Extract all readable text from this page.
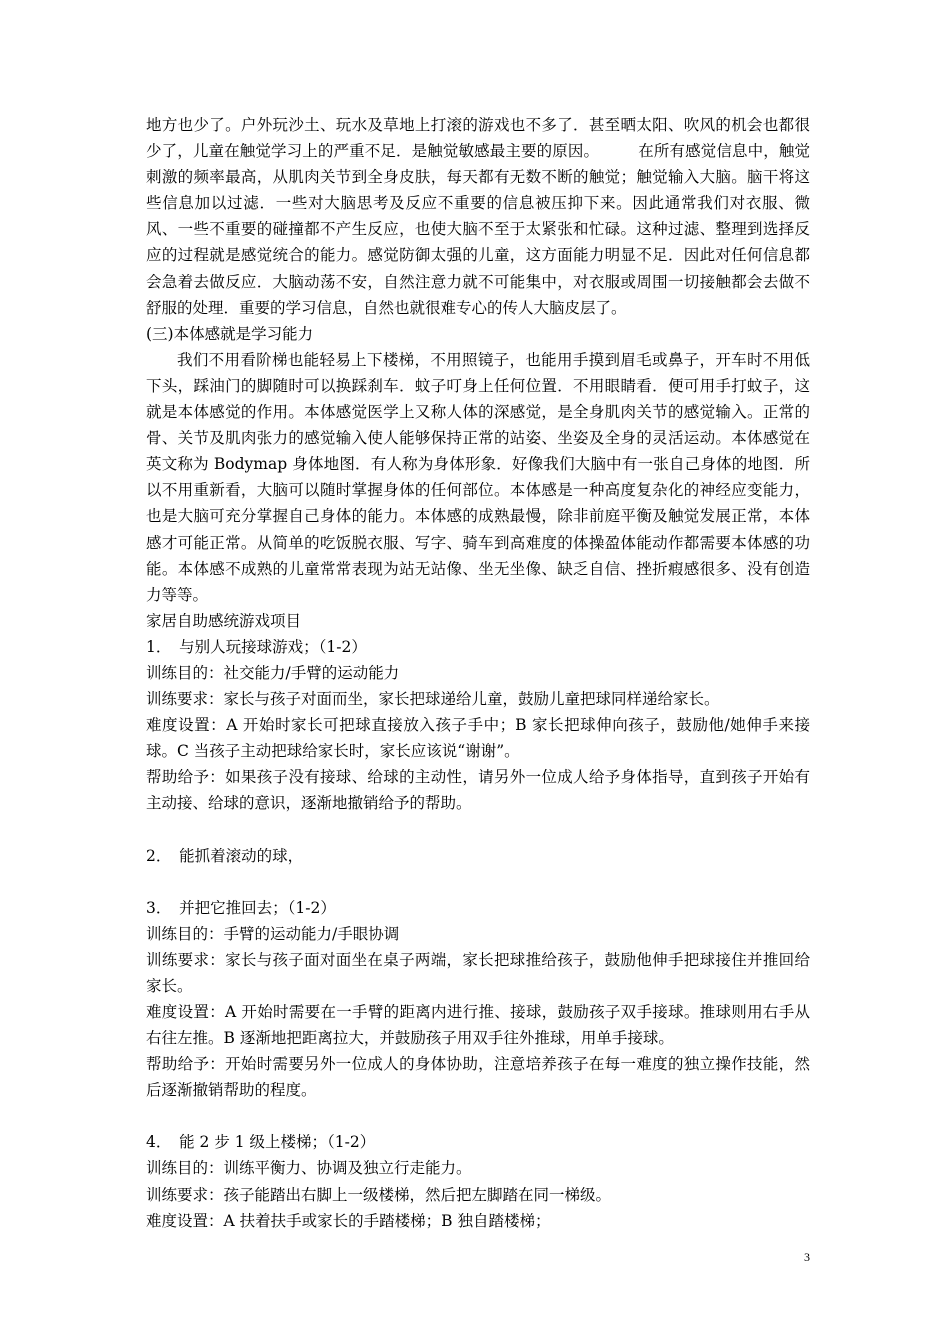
地方也少了。户外玩沙土、玩水及草地上打滚的游戏也不多了．甚至晒太阳、吹风的机会也都很少了，儿童在触觉学习上的严重不足．是触觉敏感最主要的原因。　　　在所有感觉信息中，触觉刺激的频率最高，从肌肉关节到全身皮肤，每天都有无数不断的触觉；触觉输入大脑。脑干将这些信息加以过滤．一些对大脑思考及反应不重要的信息被压抑下来。因此通常我们对衣服、微风、一些不重要的碰撞都不产生反应，也使大脑不至于太紧张和忙碌。这种过滤、整理到选择反应的过程就是感觉统合的能力。感觉防御太强的儿童，这方面能力明显不足．因此对任何信息都会急着去做反应．大脑动荡不安，自然注意力就不可能集中，对衣服或周围一切接触都会去做不舒服的处理．重要的学习信息，自然也就很难专心的传人大脑皮层了。

(三)本体感就是学习能力

我们不用看阶梯也能轻易上下楼梯，不用照镜子，也能用手摸到眉毛或鼻子，开车时不用低下头，踩油门的脚随时可以换踩刹车．蚊子叮身上任何位置．不用眼睛看．便可用手打蚊子，这就是本体感觉的作用。本体感觉医学上又称人体的深感觉，是全身肌肉关节的感觉输入。正常的骨、关节及肌肉张力的感觉输入使人能够保持正常的站姿、坐姿及全身的灵活运动。本体感觉在英文称为 Bodymap 身体地图．有人称为身体形象．好像我们大脑中有一张自己身体的地图．所以不用重新看，大脑可以随时掌握身体的任何部位。本体感是一种高度复杂化的神经应变能力，也是大脑可充分掌握自己身体的能力。本体感的成熟最慢，除非前庭平衡及触觉发展正常，本体感才可能正常。从简单的吃饭脱衣服、写字、骑车到高难度的体操盈体能动作都需要本体感的功能。本体感不成熟的儿童常常表现为站无站像、坐无坐像、缺乏自信、挫折瘕感很多、没有创造力等等。

家居自助感统游戏项目

1．　与别人玩接球游戏；（1-2）

训练目的：社交能力/手臂的运动能力

训练要求：家长与孩子对面而坐，家长把球递给儿童，鼓励儿童把球同样递给家长。

难度设置：A 开始时家长可把球直接放入孩子手中；B 家长把球伸向孩子，鼓励他/她伸手来接球。C 当孩子主动把球给家长时，家长应该说“谢谢”。

帮助给予：如果孩子没有接球、给球的主动性，请另外一位成人给予身体指导，直到孩子开始有主动接、给球的意识，逐渐地撤销给予的帮助。

2．　能抓着滚动的球，

3．　并把它推回去；（1-2）

训练目的：手臂的运动能力/手眼协调

训练要求：家长与孩子面对面坐在桌子两端，家长把球推给孩子，鼓励他伸手把球接住并推回给家长。

难度设置：A 开始时需要在一手臂的距离内进行推、接球，鼓励孩子双手接球。推球则用右手从右往左推。B 逐渐地把距离拉大，并鼓励孩子用双手往外推球，用单手接球。

帮助给予：开始时需要另外一位成人的身体协助，注意培养孩子在每一难度的独立操作技能，然后逐渐撤销帮助的程度。

4．　能 2 步 1 级上楼梯；（1-2）

训练目的：训练平衡力、协调及独立行走能力。

训练要求：孩子能踏出右脚上一级楼梯，然后把左脚踏在同一梯级。

难度设置：A 扶着扶手或家长的手踏楼梯；B 独自踏楼梯；

3
